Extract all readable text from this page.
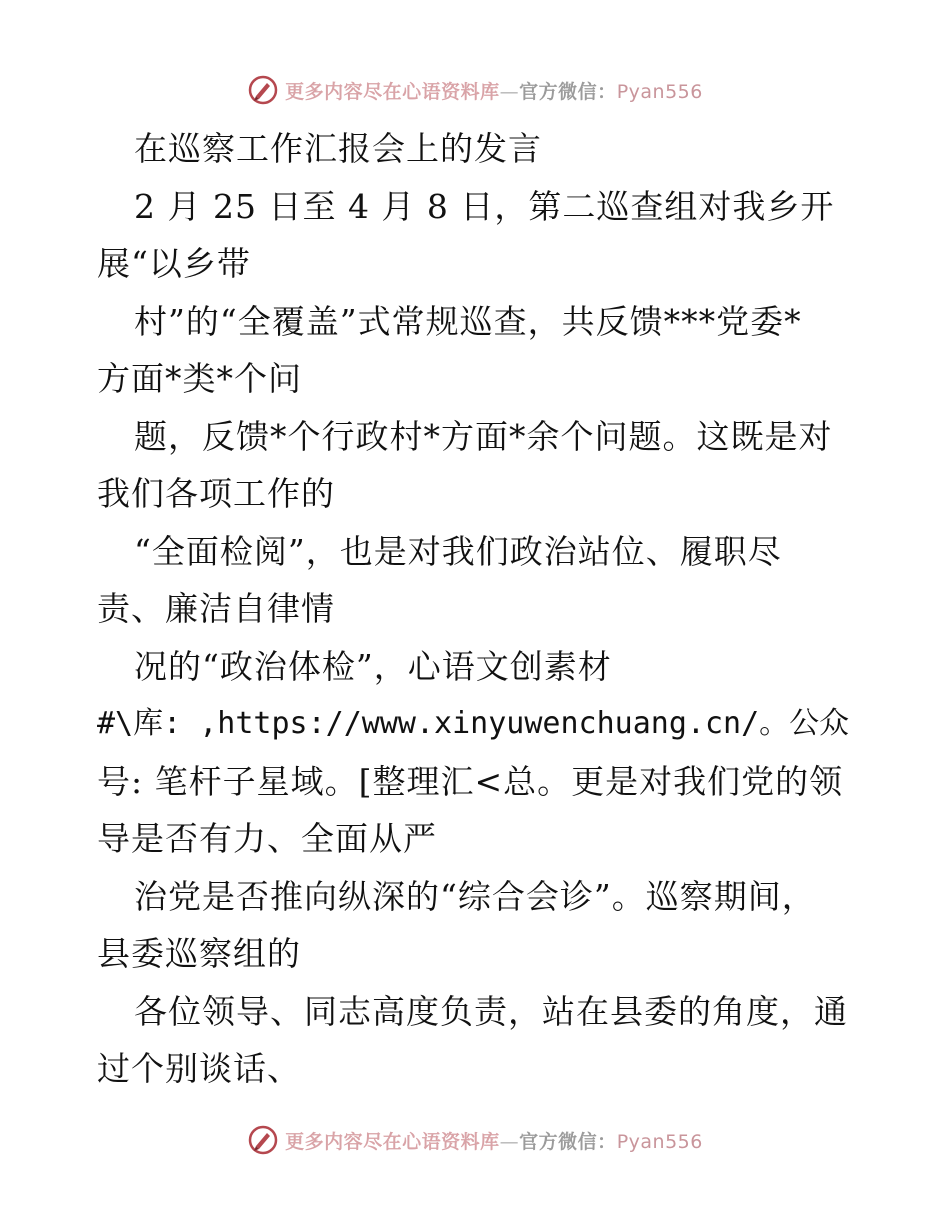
更多内容尽在心语资料库—官方微信：Pyan556
在巡察工作汇报会上的发言
2 月 25 日至 4 月 8 日，第二巡查组对我乡开
展“以乡带
村”的“全覆盖”式常规巡查，共反馈***党委*
方面*类*个问
题，反馈*个行政村*方面*余个问题。这既是对
我们各项工作的
“全面检阅”，也是对我们政治站位、履职尽
责、廉洁自律情
况的“政治体检”，心语文创素材
#\库: ,https://www.xinyuwenchuang.cn/。公众
号: 笔杆子星域。[整理汇<总。更是对我们党的领
导是否有力、全面从严
治党是否推向纵深的“综合会诊”。巡察期间，
县委巡察组的
各位领导、同志高度负责，站在县委的角度，通
过个别谈话、
更多内容尽在心语资料库—官方微信：Pyan556
